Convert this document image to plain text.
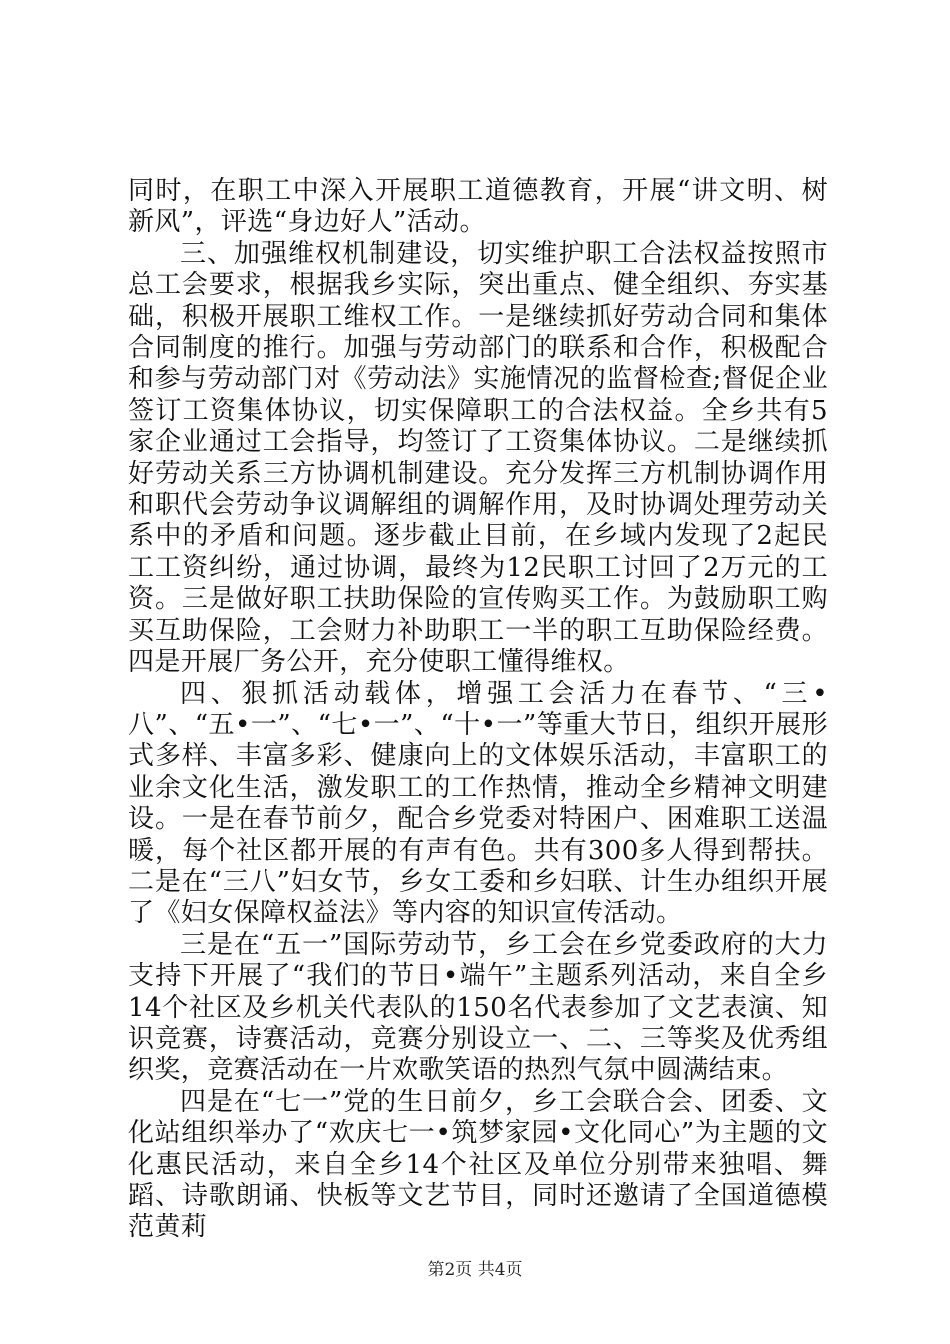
同时，在职工中深入开展职工道德教育，开展“讲文明、树新风”，评选“身边好人”活动。

三、加强维权机制建设，切实维护职工合法权益按照市总工会要求，根据我乡实际，突出重点、健全组织、夯实基础，积极开展职工维权工作。一是继续抓好劳动合同和集体合同制度的推行。加强与劳动部门的联系和合作，积极配合和参与劳动部门对《劳动法》实施情况的监督检查;督促企业签订工资集体协议，切实保障职工的合法权益。全乡共有5家企业通过工会指导，均签订了工资集体协议。二是继续抓好劳动关系三方协调机制建设。充分发挥三方机制协调作用和职代会劳动争议调解组的调解作用，及时协调处理劳动关系中的矛盾和问题。逐步截止目前，在乡域内发现了2起民工工资纠纷，通过协调，最终为12民职工讨回了2万元的工资。三是做好职工扶助保险的宣传购买工作。为鼓励职工购买互助保险，工会财力补助职工一半的职工互助保险经费。四是开展厂务公开，充分使职工懂得维权。

四、狠抓活动载体，增强工会活力在春节、“三•八”、“五•一”、“七•一”、“十•一”等重大节日，组织开展形式多样、丰富多彩、健康向上的文体娱乐活动，丰富职工的业余文化生活，激发职工的工作热情，推动全乡精神文明建设。一是在春节前夕，配合乡党委对特困户、困难职工送温暖，每个社区都开展的有声有色。共有300多人得到帮扶。二是在“三八”妇女节，乡女工委和乡妇联、计生办组织开展了《妇女保障权益法》等内容的知识宣传活动。

三是在“五一”国际劳动节，乡工会在乡党委政府的大力支持下开展了“我们的节日•端午”主题系列活动，来自全乡14个社区及乡机关代表队的150名代表参加了文艺表演、知识竞赛，诗赛活动，竞赛分别设立一、二、三等奖及优秀组织奖，竞赛活动在一片欢歌笑语的热烈气氛中圆满结束。

四是在“七一”党的生日前夕，乡工会联合会、团委、文化站组织举办了“欢庆七一•筑梦家园•文化同心”为主题的文化惠民活动，来自全乡14个社区及单位分别带来独唱、舞蹈、诗歌朗诵、快板等文艺节目，同时还邀请了全国道德模范黄莉

第2页 共4页
